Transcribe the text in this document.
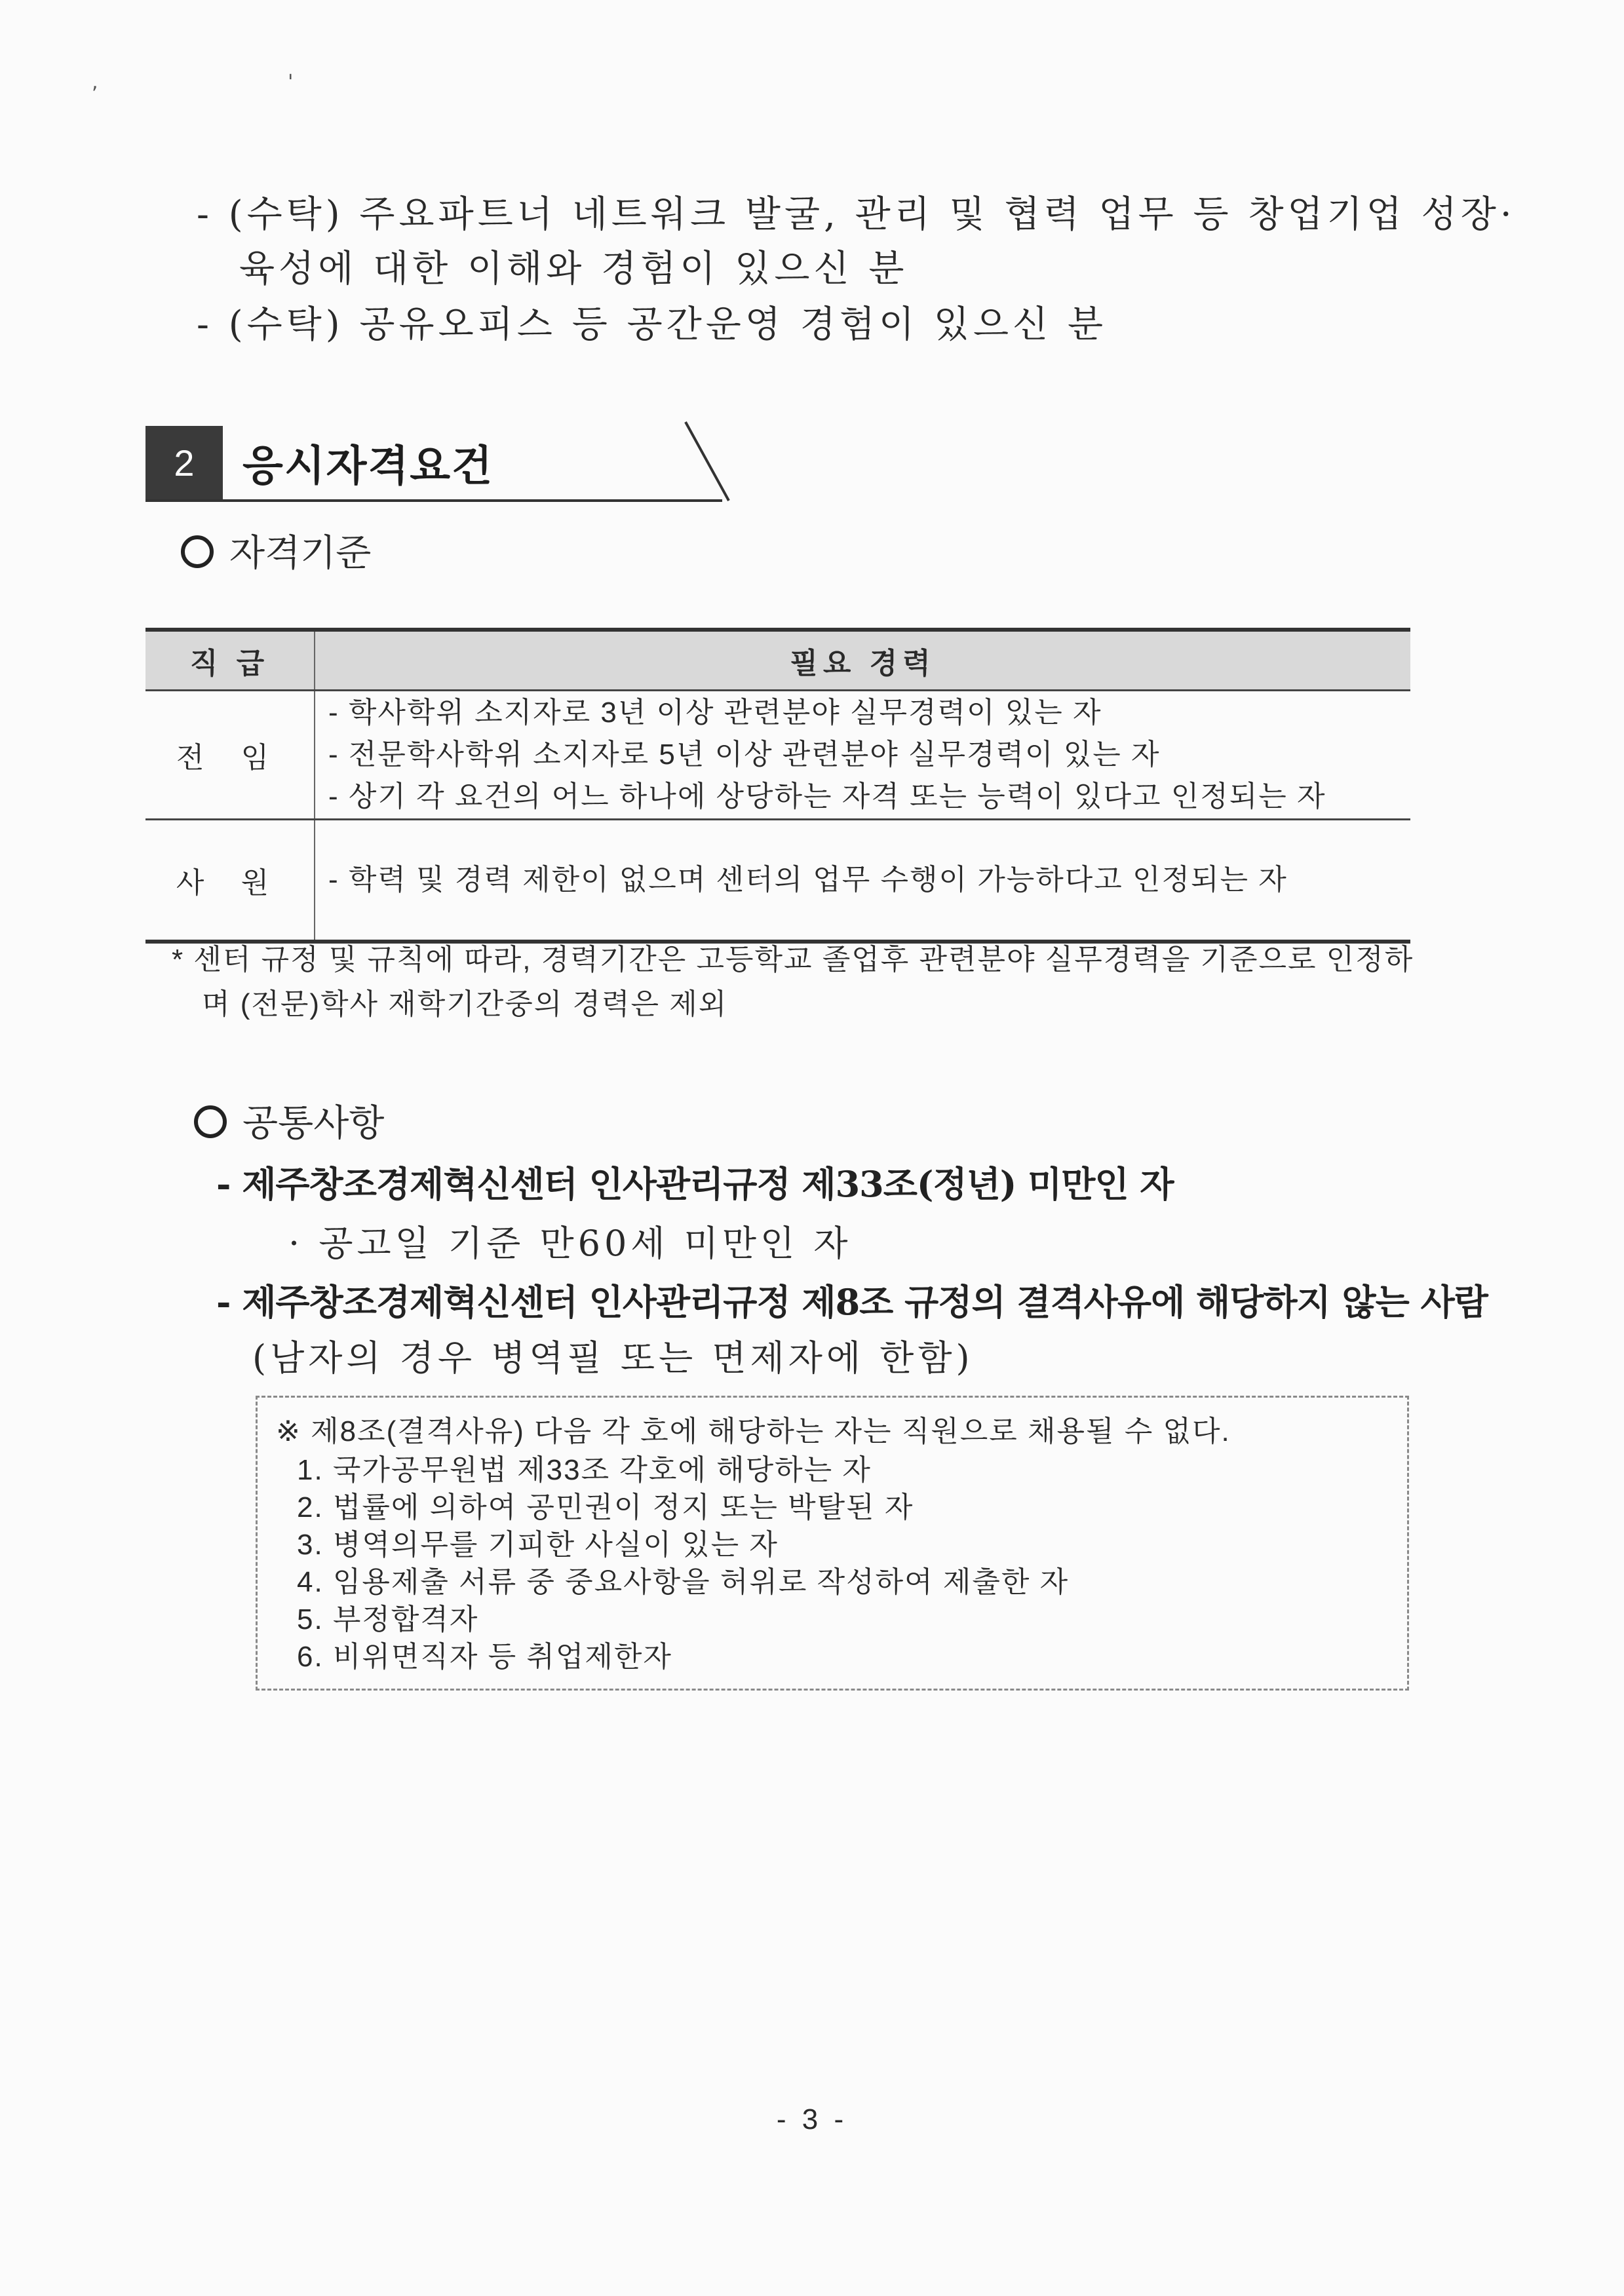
, '
- (수탁) 주요파트너 네트워크 발굴, 관리 및 협력 업무 등 창업기업 성장·
육성에 대한 이해와 경험이 있으신 분
- (수탁) 공유오피스 등 공간운영 경험이 있으신 분
2	응시자격요건
자격기준
직 급	필요 경력
전 임	- 학사학위 소지자로 3년 이상 관련분야 실무경력이 있는 자
- 전문학사학위 소지자로 5년 이상 관련분야 실무경력이 있는 자
- 상기 각 요건의 어느 하나에 상당하는 자격 또는 능력이 있다고 인정되는 자

사 원	- 학력 및 경력 제한이 없으며 센터의 업무 수행이 가능하다고 인정되는 자
* 센터 규정 및 규칙에 따라, 경력기간은 고등학교 졸업후 관련분야 실무경력을 기준으로 인정하
며 (전문)학사 재학기간중의 경력은 제외
공통사항
- 제주창조경제혁신센터 인사관리규정 제33조(정년) 미만인 자
· 공고일 기준 만60세 미만인 자
- 제주창조경제혁신센터 인사관리규정 제8조 규정의 결격사유에 해당하지 않는 사람
(남자의 경우 병역필 또는 면제자에 한함)
※ 제8조(결격사유) 다음 각 호에 해당하는 자는 직원으로 채용될 수 없다.
1. 국가공무원법 제33조 각호에 해당하는 자
2. 법률에 의하여 공민권이 정지 또는 박탈된 자
3. 병역의무를 기피한 사실이 있는 자
4. 임용제출 서류 중 중요사항을 허위로 작성하여 제출한 자
5. 부정합격자
6. 비위면직자 등 취업제한자
- 3 -
